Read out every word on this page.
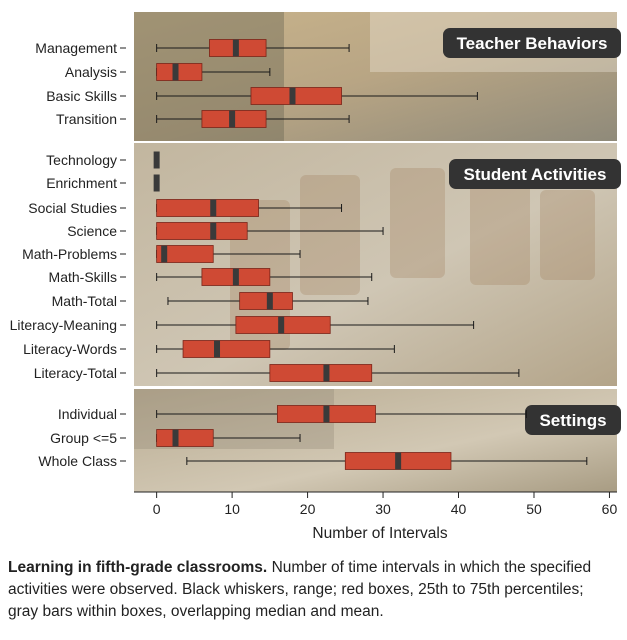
Teacher Behaviors
Student Activities
Settings
Management
Analysis
Basic Skills
Transition
Technology
Enrichment
Social Studies
Science
Math-Problems
Math-Skills
Math-Total
Literacy-Meaning
Literacy-Words
Literacy-Total
Individual
Group <=5
Whole Class
0	10	20	30	40	50	60
Number of Intervals
Learning in fifth-grade classrooms. Number of time intervals in which the specified activities were observed. Black whiskers, range; red boxes, 25th to 75th percentiles; gray bars within boxes, overlapping median and mean.
